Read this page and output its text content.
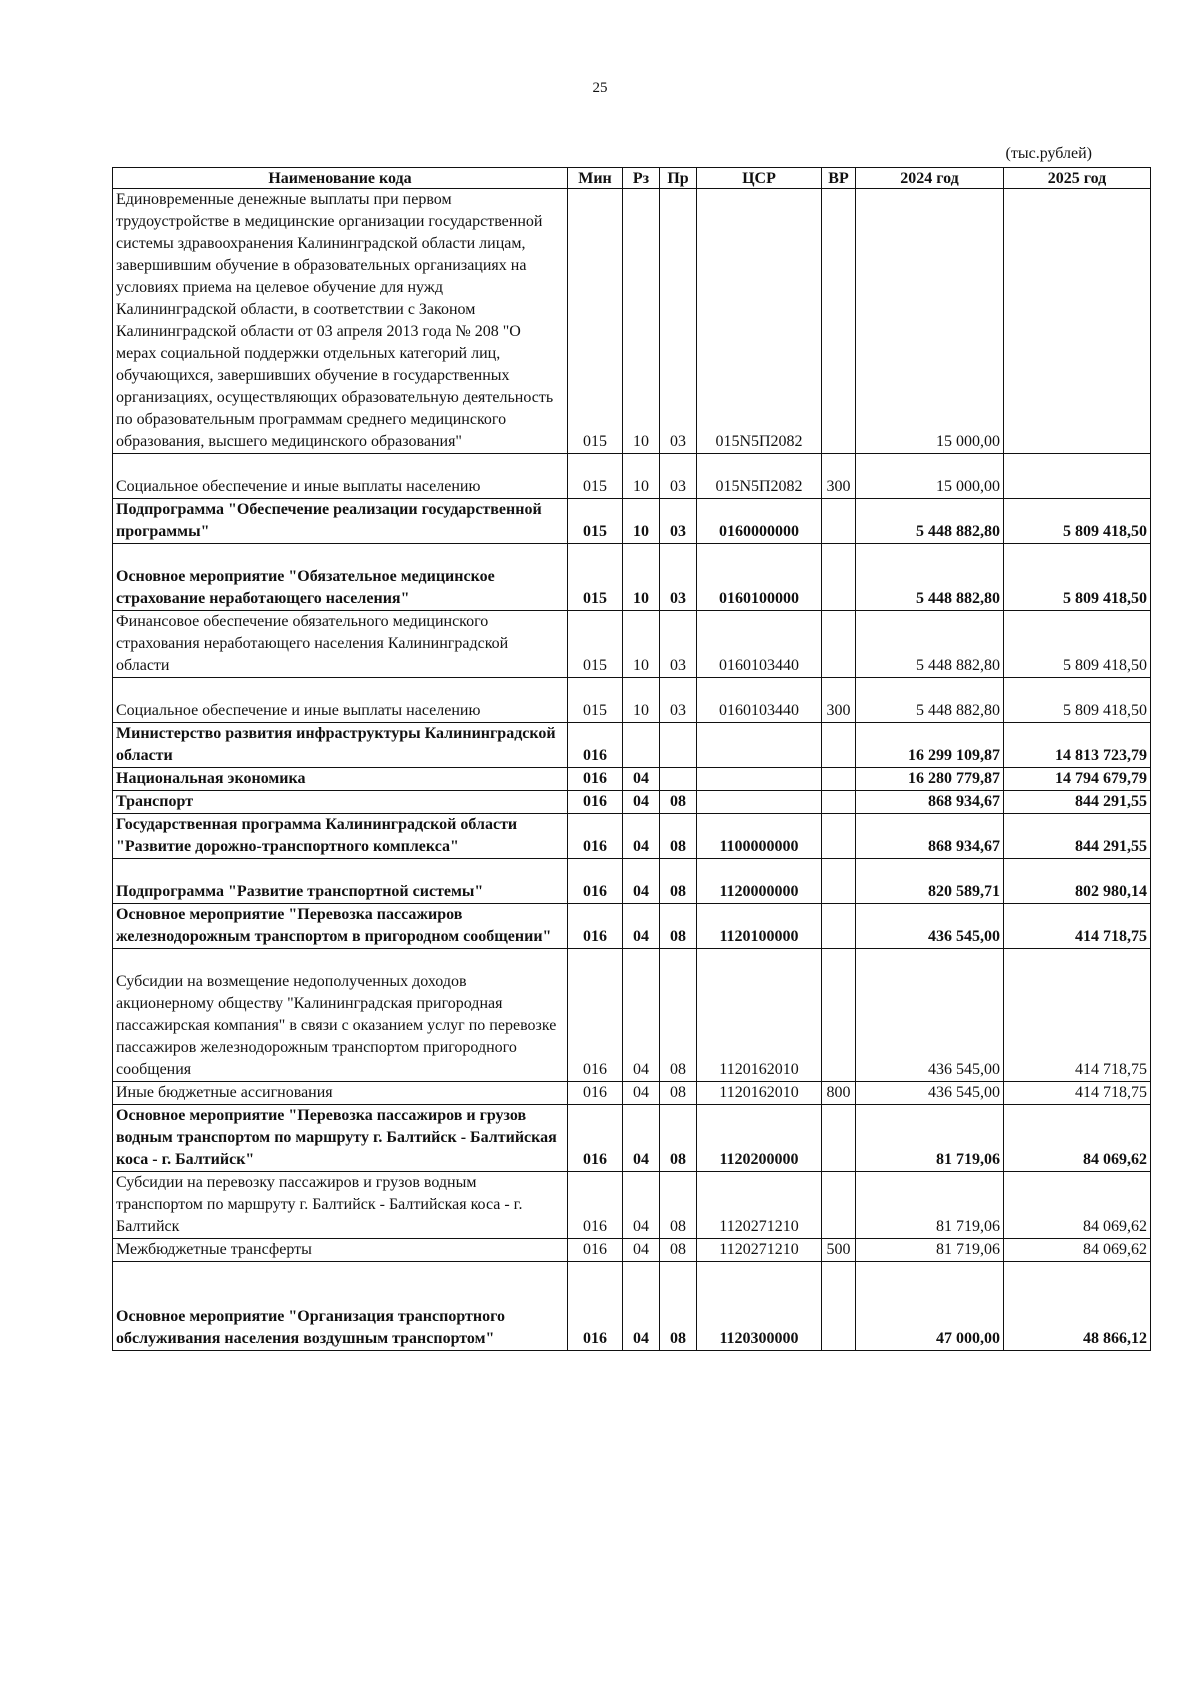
25
(тыс.рублей)
Наименование кода	Мин	Рз	Пр	ЦСР	ВР	2024 год	2025 год
Единовременные денежные выплаты при первом трудоустройстве в медицинские организации государственной системы здравоохранения Калининградской области лицам, завершившим обучение в образовательных организациях на условиях приема на целевое обучение для нужд Калининградской области, в соответствии с Законом Калининградской области от 03 апреля 2013 года № 208 "О мерах социальной поддержки отдельных категорий лиц, обучающихся, завершивших обучение в государственных организациях, осуществляющих образовательную деятельность по образовательным программам среднего медицинского образования, высшего медицинского образования"	015	10	03	015N5П2082		15 000,00	
Социальное обеспечение и иные выплаты населению	015	10	03	015N5П2082	300	15 000,00	
Подпрограмма "Обеспечение реализации государственной программы"	015	10	03	0160000000		5 448 882,80	5 809 418,50
Основное мероприятие "Обязательное медицинское страхование неработающего населения"	015	10	03	0160100000		5 448 882,80	5 809 418,50
Финансовое обеспечение обязательного медицинского страхования неработающего населения Калининградской области	015	10	03	0160103440		5 448 882,80	5 809 418,50
Социальное обеспечение и иные выплаты населению	015	10	03	0160103440	300	5 448 882,80	5 809 418,50
Министерство развития инфраструктуры Калининградской области	016					16 299 109,87	14 813 723,79
Национальная экономика	016	04				16 280 779,87	14 794 679,79
Транспорт	016	04	08			868 934,67	844 291,55
Государственная программа Калининградской области "Развитие дорожно-транспортного комплекса"	016	04	08	1100000000		868 934,67	844 291,55
Подпрограмма "Развитие транспортной системы"	016	04	08	1120000000		820 589,71	802 980,14
Основное мероприятие "Перевозка пассажиров железнодорожным транспортом в пригородном сообщении"	016	04	08	1120100000		436 545,00	414 718,75
Субсидии на возмещение недополученных доходов акционерному обществу "Калининградская пригородная пассажирская компания" в связи с оказанием услуг по перевозке пассажиров железнодорожным транспортом пригородного сообщения	016	04	08	1120162010		436 545,00	414 718,75
Иные бюджетные ассигнования	016	04	08	1120162010	800	436 545,00	414 718,75
Основное мероприятие "Перевозка пассажиров и грузов водным транспортом по маршруту г. Балтийск - Балтийская коса - г. Балтийск"	016	04	08	1120200000		81 719,06	84 069,62
Субсидии на перевозку пассажиров и грузов водным транспортом по маршруту г. Балтийск - Балтийская коса - г. Балтийск	016	04	08	1120271210		81 719,06	84 069,62
Межбюджетные трансферты	016	04	08	1120271210	500	81 719,06	84 069,62
Основное мероприятие "Организация транспортного обслуживания населения воздушным транспортом"	016	04	08	1120300000		47 000,00	48 866,12
